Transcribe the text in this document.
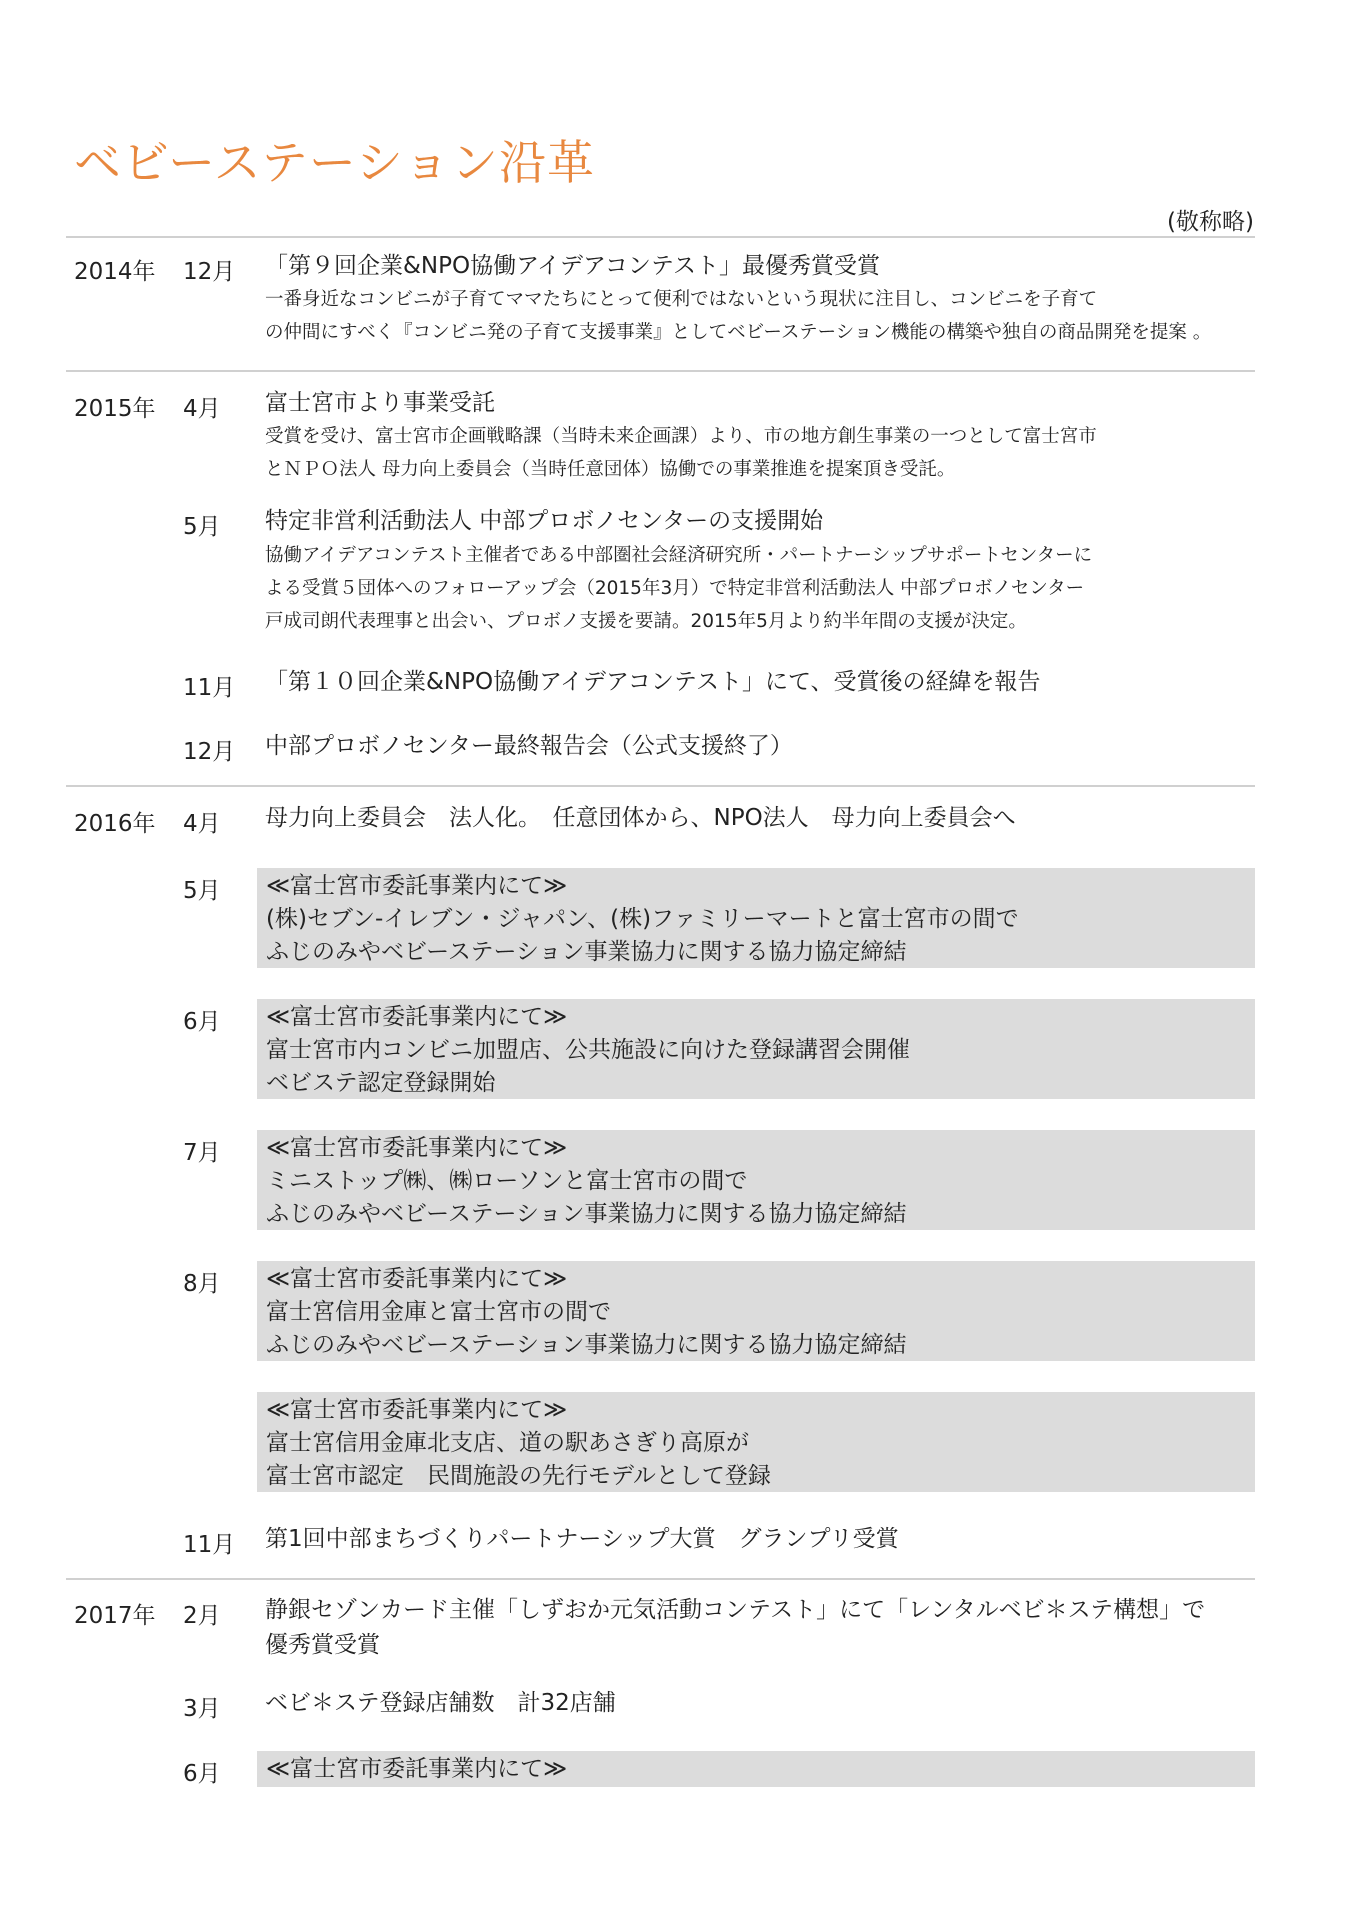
ベビーステーション沿革
(敬称略)
2014年 12月 「第９回企業&NPO協働アイデアコンテスト」最優秀賞受賞
一番身近なコンビニが子育てママたちにとって便利ではないという現状に注目し、コンビニを子育て
の仲間にすべく『コンビニ発の子育て支援事業』としてベビーステーション機能の構築や独自の商品開発を提案 。
2015年 4月 富士宮市より事業受託
受賞を受け、富士宮市企画戦略課（当時未来企画課）より、市の地方創生事業の一つとして富士宮市
とＮＰＯ法人 母力向上委員会（当時任意団体）協働での事業推進を提案頂き受託。
5月 特定非営利活動法人 中部プロボノセンターの支援開始
協働アイデアコンテスト主催者である中部圏社会経済研究所・パートナーシップサポートセンターに
よる受賞５団体へのフォローアップ会（2015年3月）で特定非営利活動法人 中部プロボノセンター
戸成司朗代表理事と出会い、プロボノ支援を要請。2015年5月より約半年間の支援が決定。
11月 「第１０回企業&NPO協働アイデアコンテスト」にて、受賞後の経緯を報告
12月 中部プロボノセンター最終報告会（公式支援終了）
2016年 4月 母力向上委員会　法人化。　任意団体から、NPO法人　母力向上委員会へ
5月 ≪富士宮市委託事業内にて≫
(株)セブン-イレブン・ジャパン、(株)ファミリーマートと富士宮市の間で
ふじのみやベビーステーション事業協力に関する協力協定締結
6月 ≪富士宮市委託事業内にて≫
富士宮市内コンビニ加盟店、公共施設に向けた登録講習会開催
ベビステ認定登録開始
7月 ≪富士宮市委託事業内にて≫
ミニストップ㈱、㈱ローソンと富士宮市の間で
ふじのみやベビーステーション事業協力に関する協力協定締結
8月 ≪富士宮市委託事業内にて≫
富士宮信用金庫と富士宮市の間で
ふじのみやベビーステーション事業協力に関する協力協定締結
≪富士宮市委託事業内にて≫
富士宮信用金庫北支店、道の駅あさぎり高原が
富士宮市認定　民間施設の先行モデルとして登録
11月 第1回中部まちづくりパートナーシップ大賞　グランプリ受賞
2017年 2月 静銀セゾンカード主催「しずおか元気活動コンテスト」にて「レンタルベビ＊ステ構想」で
優秀賞受賞
3月 ベビ＊ステ登録店舗数　計32店舗
6月 ≪富士宮市委託事業内にて≫
